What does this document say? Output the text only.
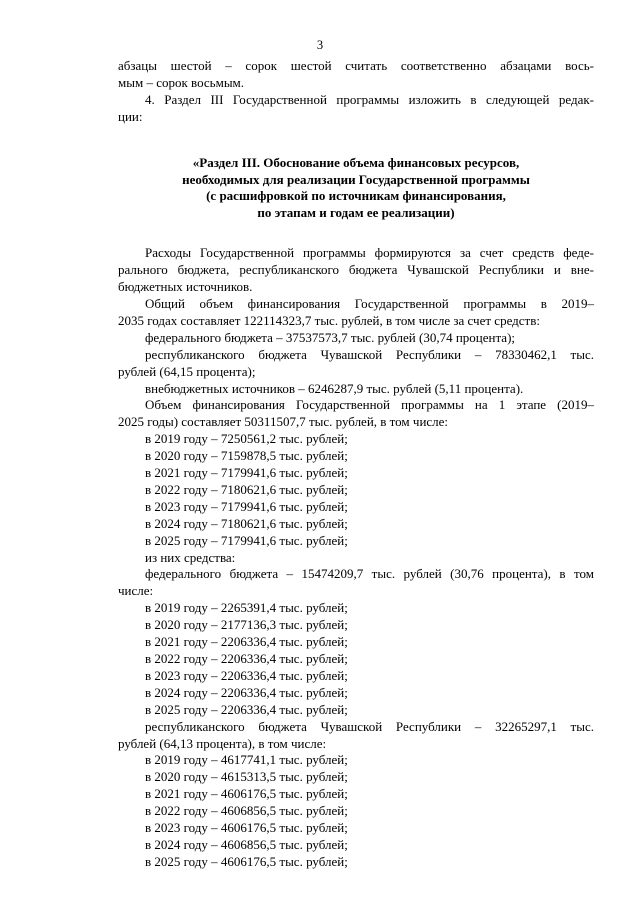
3

абзацы шестой – сорок шестой считать соответственно абзацами вось-

мым – сорок восьмым.

4. Раздел III Государственной программы изложить в следующей редак-

ции:

«Раздел III. Обоснование объема финансовых ресурсов,
необходимых для реализации Государственной программы
(с расшифровкой по источникам финансирования,
по этапам и годам ее реализации)

Расходы Государственной программы формируются за счет средств феде-

рального бюджета, республиканского бюджета Чувашской Республики и вне-

бюджетных источников.

Общий объем финансирования Государственной программы в 2019–

2035 годах составляет 122114323,7 тыс. рублей, в том числе за счет средств:

федерального бюджета – 37537573,7 тыс. рублей (30,74 процента);

республиканского бюджета Чувашской Республики – 78330462,1 тыс.

рублей (64,15 процента);

внебюджетных источников – 6246287,9 тыс. рублей (5,11 процента).

Объем финансирования Государственной программы на 1 этапе (2019–

2025 годы) составляет 50311507,7 тыс. рублей, в том числе:

в 2019 году – 7250561,2 тыс. рублей;

в 2020 году – 7159878,5 тыс. рублей;

в 2021 году – 7179941,6 тыс. рублей;

в 2022 году – 7180621,6 тыс. рублей;

в 2023 году – 7179941,6 тыс. рублей;

в 2024 году – 7180621,6 тыс. рублей;

в 2025 году – 7179941,6 тыс. рублей;

из них средства:

федерального бюджета – 15474209,7 тыс. рублей (30,76 процента), в том

числе:

в 2019 году – 2265391,4 тыс. рублей;

в 2020 году – 2177136,3 тыс. рублей;

в 2021 году – 2206336,4 тыс. рублей;

в 2022 году – 2206336,4 тыс. рублей;

в 2023 году – 2206336,4 тыс. рублей;

в 2024 году – 2206336,4 тыс. рублей;

в 2025 году – 2206336,4 тыс. рублей;

республиканского бюджета Чувашской Республики – 32265297,1 тыс.

рублей (64,13 процента), в том числе:

в 2019 году – 4617741,1 тыс. рублей;

в 2020 году – 4615313,5 тыс. рублей;

в 2021 году – 4606176,5 тыс. рублей;

в 2022 году – 4606856,5 тыс. рублей;

в 2023 году – 4606176,5 тыс. рублей;

в 2024 году – 4606856,5 тыс. рублей;

в 2025 году – 4606176,5 тыс. рублей;
